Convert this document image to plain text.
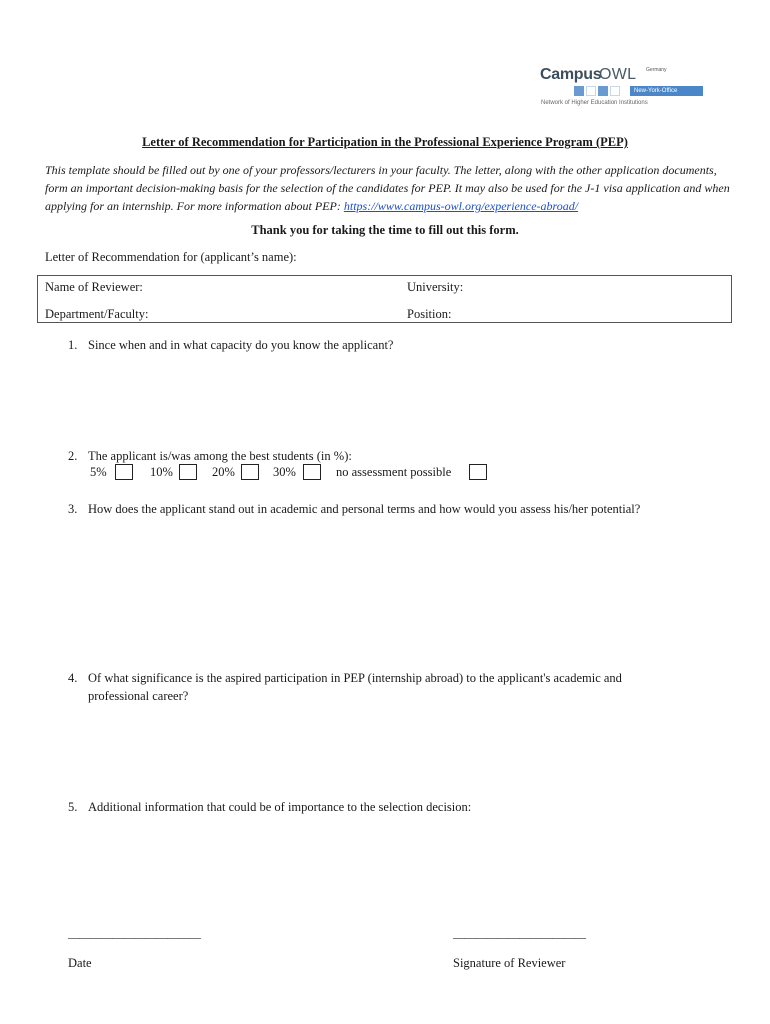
Campus
OWL Germany
New-York-Office
Network of Higher Education Institutions
Letter of Recommendation for Participation in the Professional Experience Program (PEP)
This template should be filled out by one of your professors/lecturers in your faculty. The letter, along with the other application documents, form an important decision-making basis for the selection of the candidates for PEP. It may also be used for the J-1 visa application and when applying for an internship. For more information about PEP: https://www.campus-owl.org/experience-abroad/
Thank you for taking the time to fill out this form.
Letter of Recommendation for (applicant’s name):
Name of Reviewer:	University:
Department/Faculty:	Position:
1. Since when and in what capacity do you know the applicant?
2. The applicant is/was among the best students (in %):
5%	10%	20%	30%	no assessment possible
3. How does the applicant stand out in academic and personal terms and how would you assess his/her potential?
4. Of what significance is the aspired participation in PEP (internship abroad) to the applicant's academic and
professional career?
5. Additional information that could be of importance to the selection decision:
————————————	————————————
Date	Signature of Reviewer
